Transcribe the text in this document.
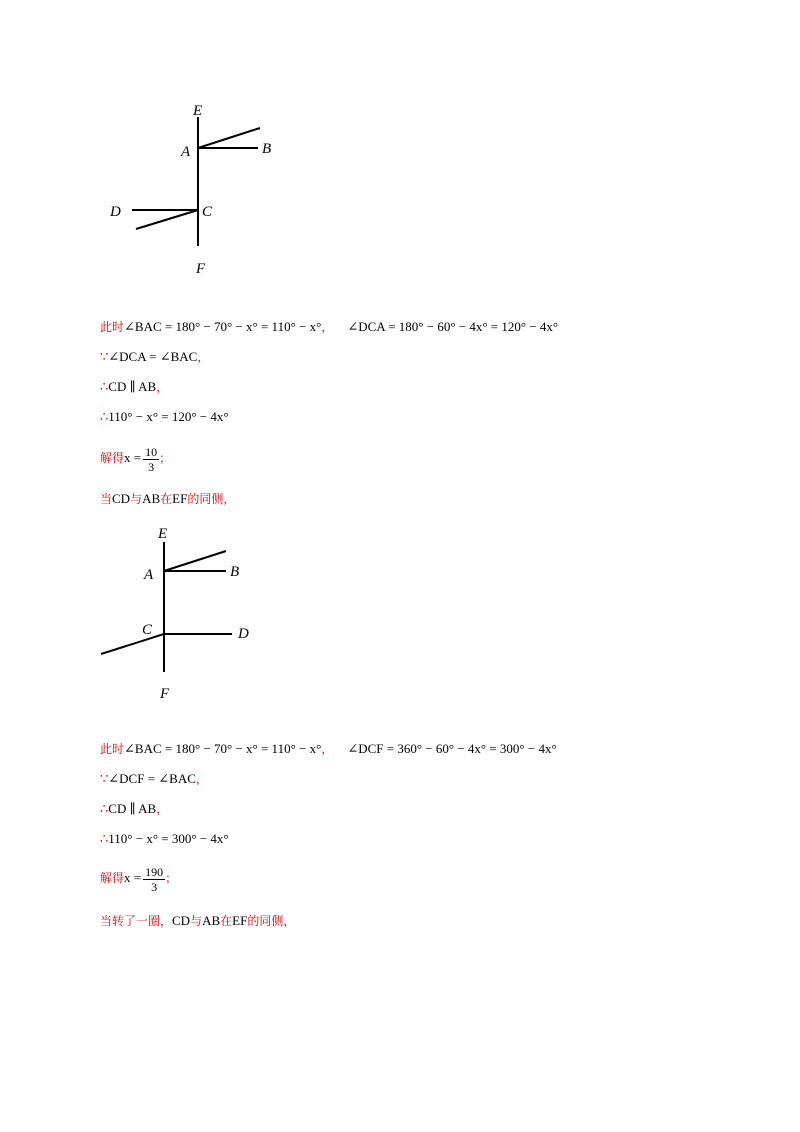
E
A	B
D	C
F
此时∠BAC = 180° − 70° − x° = 110° − x°， ∠DCA = 180° − 60° − 4x° = 120° − 4x°
∵∠DCA = ∠BAC，
∴CD ∥ AB，
∴110° − x° = 120° − 4x°
解得$x = \frac{10}{3}$ ；
当CD与AB在EF的同侧，
E
A	B
C	D
F
此时∠BAC = 180° − 70° − x° = 110° − x°， ∠DCF = 360° − 60° − 4x° = 300° − 4x°
∵∠DCF = ∠BAC，
∴CD ∥ AB，
∴110° − x° = 300° − 4x°
解得$x = \frac{190}{3}$ ；
当转了一圈，CD与AB在EF的同侧，
